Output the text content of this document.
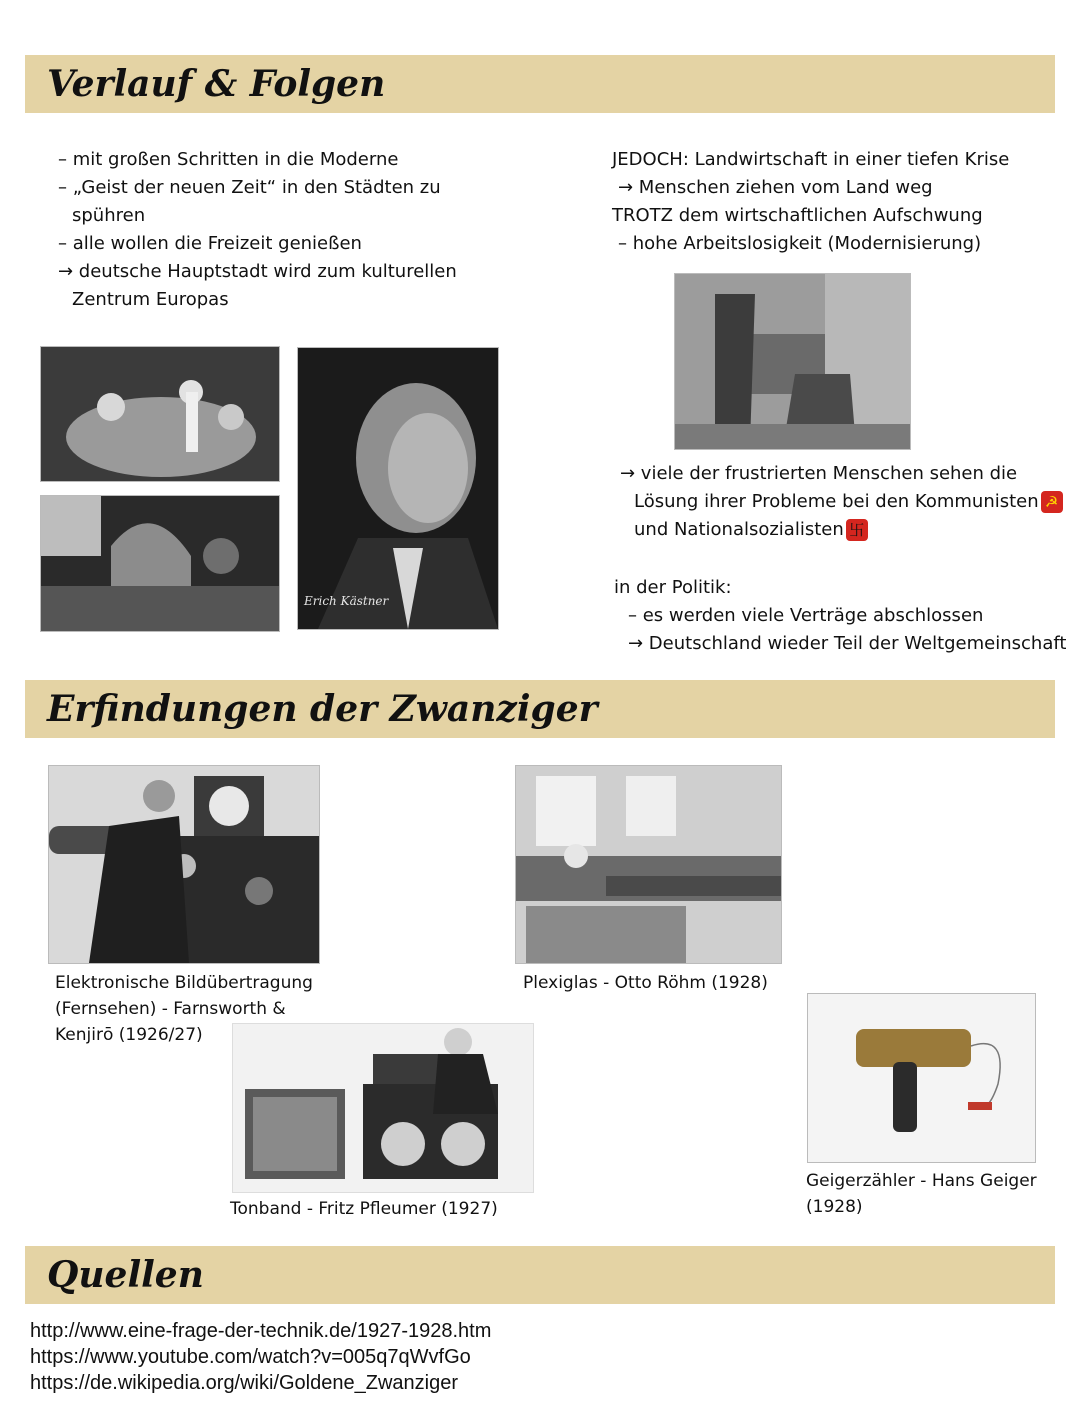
Verlauf & Folgen
– mit großen Schritten in die Moderne
– „Geist der neuen Zeit“ in den Städten zu
spühren
– alle wollen die Freizeit genießen
→ deutsche Hauptstadt wird zum kulturellen
Zentrum Europas
JEDOCH: Landwirtschaft in einer tiefen Krise
→ Menschen ziehen vom Land weg
TROTZ dem wirtschaftlichen Aufschwung
– hohe Arbeitslosigkeit (Modernisierung)
Erich Kästner
→ viele der frustrierten Menschen sehen die
Lösung ihrer Probleme bei den Kommunisten ☭
und Nationalsozialisten 卐
in der Politik:
– es werden viele Verträge abschlossen
→ Deutschland wieder Teil der Weltgemeinschaft
Erfindungen der Zwanziger
Elektronische Bildübertragung
(Fernsehen) - Farnsworth &
Kenjirō (1926/27)
Plexiglas - Otto Röhm (1928)
Geigerzähler - Hans Geiger
(1928)
Tonband - Fritz Pfleumer (1927)
Quellen
http://www.eine-frage-der-technik.de/1927-1928.htm
https://www.youtube.com/watch?v=005q7qWvfGo
https://de.wikipedia.org/wiki/Goldene_Zwanziger
